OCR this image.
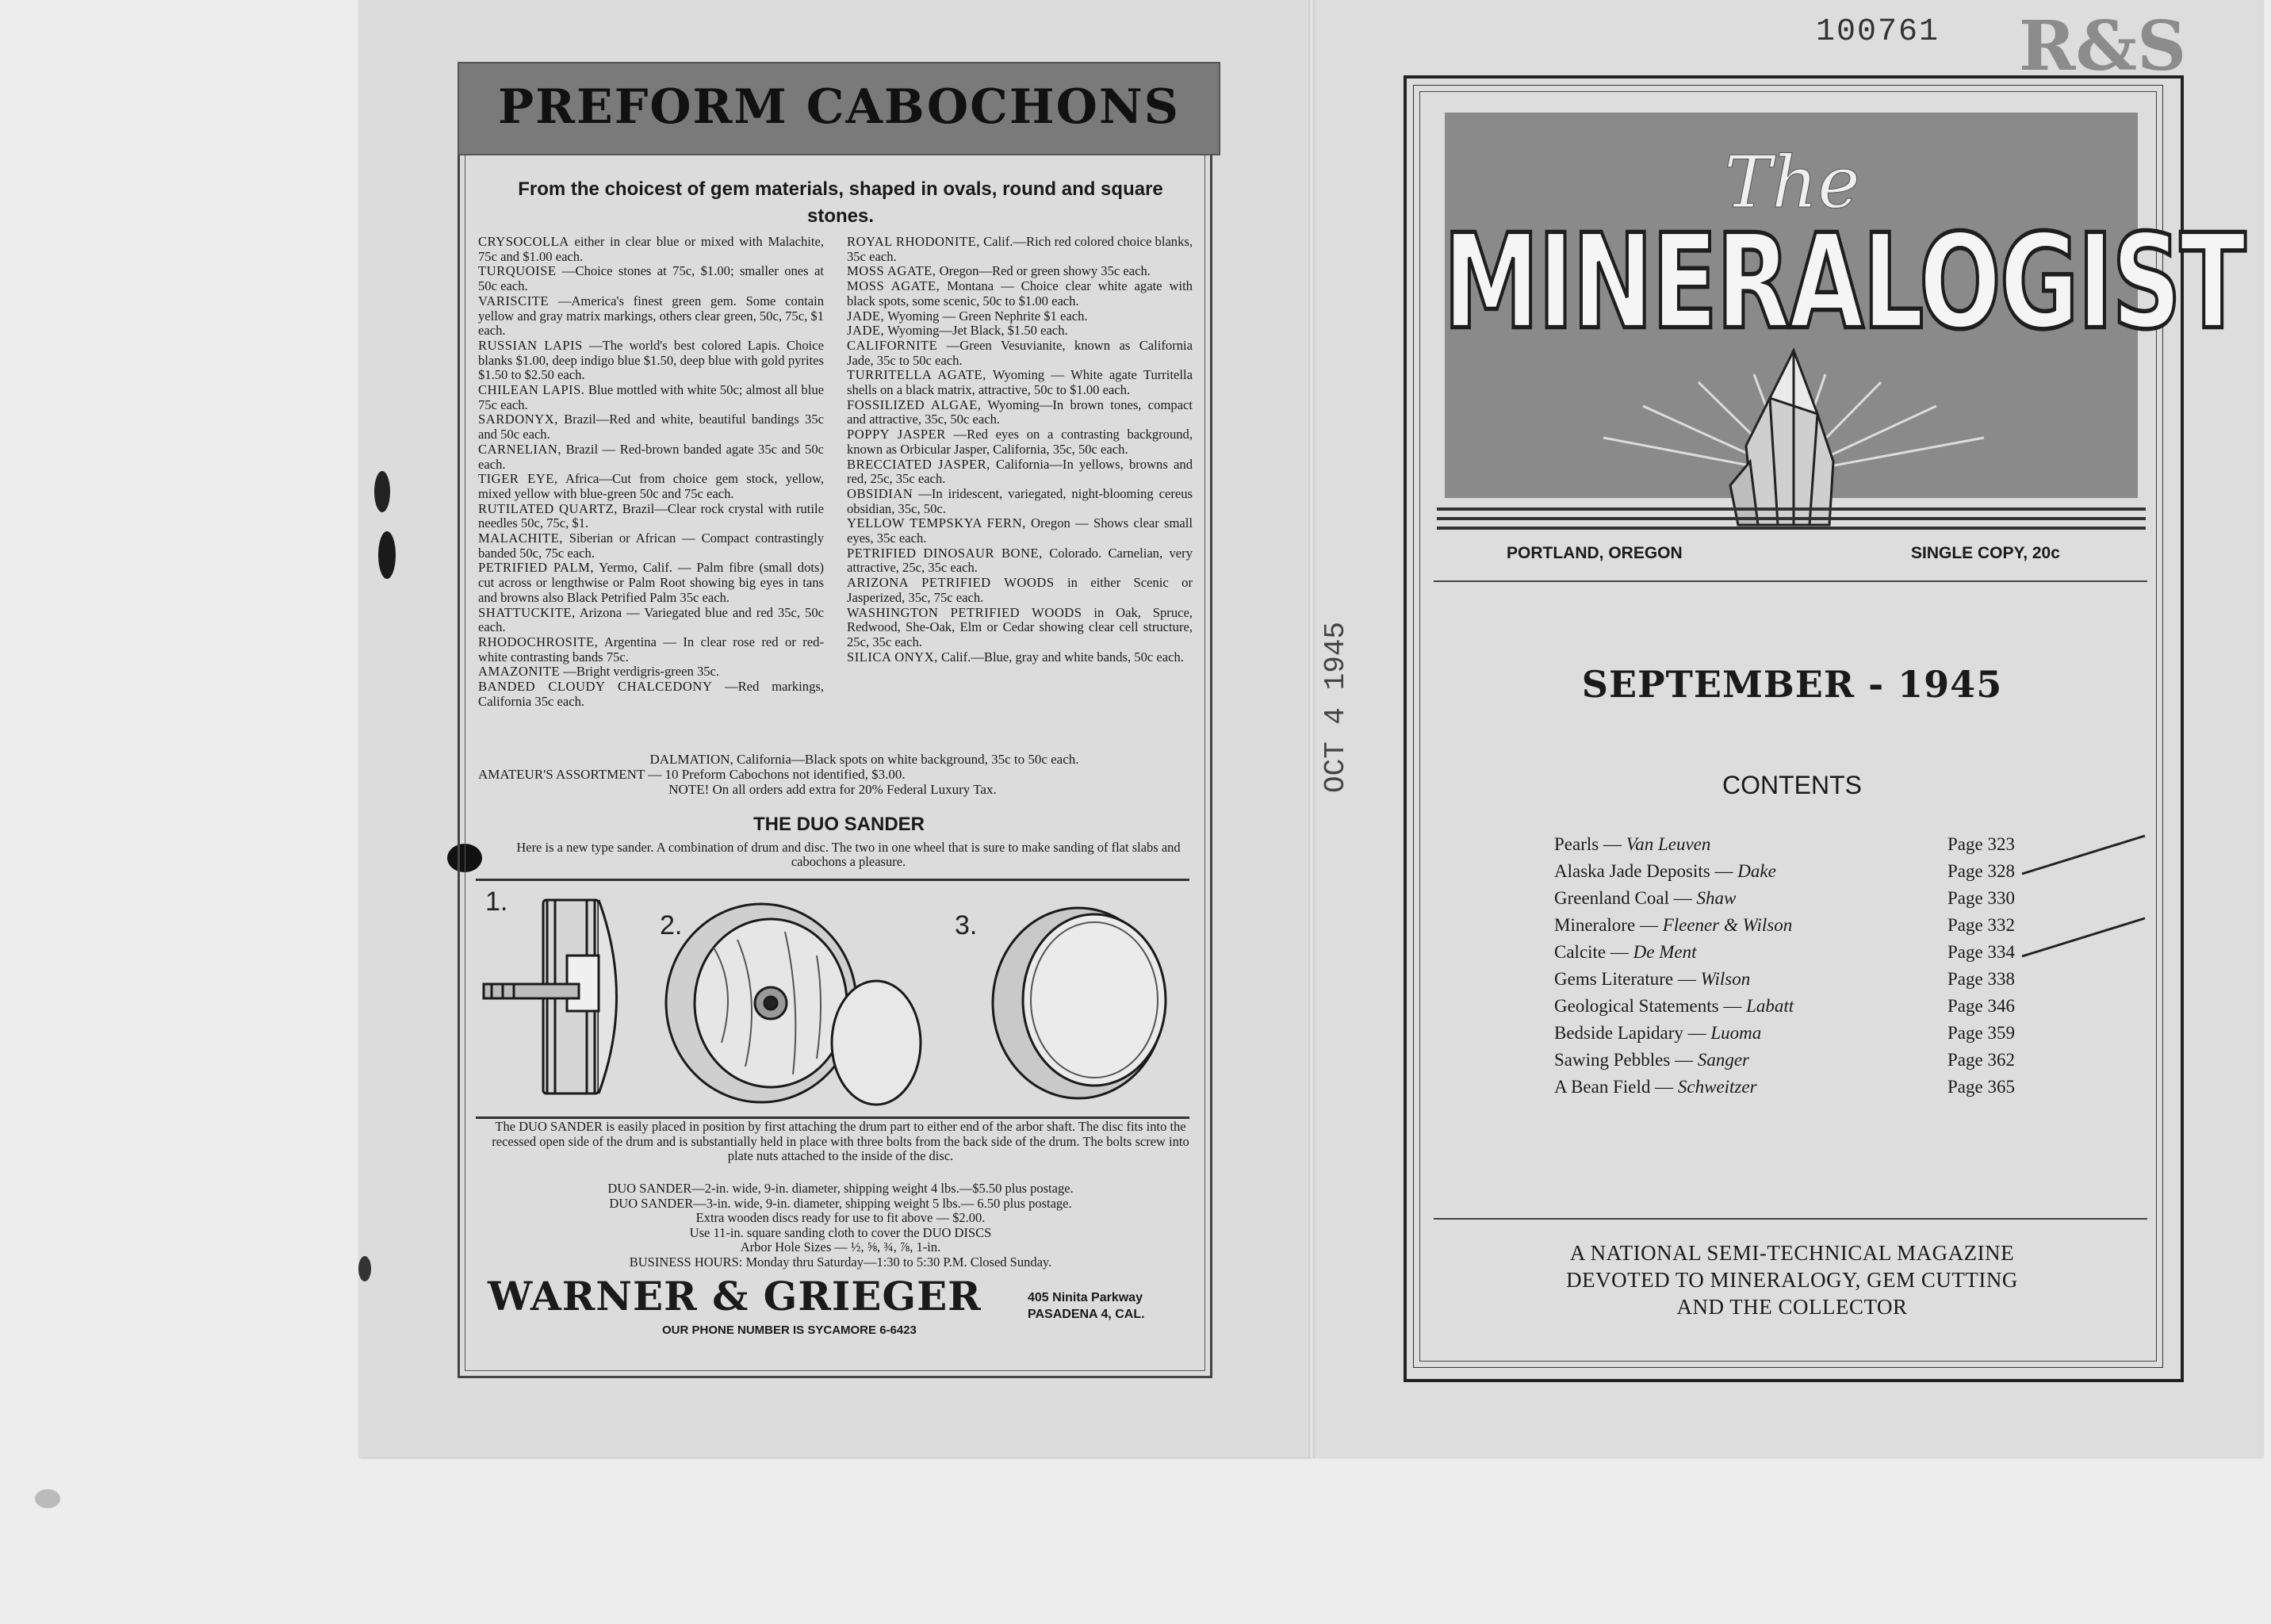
PREFORM CABOCHONS
From the choicest of gem materials, shaped in ovals, round and square stones.

CRYSOCOLLA either in clear blue or mixed with Malachite, 75c and $1.00 each.

TURQUOISE —Choice stones at 75c, $1.00; smaller ones at 50c each.

VARISCITE —America's finest green gem. Some contain yellow and gray matrix markings, others clear green, 50c, 75c, $1 each.

RUSSIAN LAPIS —The world's best colored Lapis. Choice blanks $1.00, deep indigo blue $1.50, deep blue with gold pyrites $1.50 to $2.50 each.

CHILEAN LAPIS. Blue mottled with white 50c; almost all blue 75c each.

SARDONYX, Brazil—Red and white, beautiful bandings 35c and 50c each.

CARNELIAN, Brazil — Red-brown banded agate 35c and 50c each.

TIGER EYE, Africa—Cut from choice gem stock, yellow, mixed yellow with blue-green 50c and 75c each.

RUTILATED QUARTZ, Brazil—Clear rock crystal with rutile needles 50c, 75c, $1.

MALACHITE, Siberian or African — Compact contrastingly banded 50c, 75c each.

PETRIFIED PALM, Yermo, Calif. — Palm fibre (small dots) cut across or lengthwise or Palm Root showing big eyes in tans and browns also Black Petrified Palm 35c each.

SHATTUCKITE, Arizona — Variegated blue and red 35c, 50c each.

RHODOCHROSITE, Argentina — In clear rose red or red-white contrasting bands 75c.

AMAZONITE —Bright verdigris-green 35c.

BANDED CLOUDY CHALCEDONY —Red markings, California 35c each.

ROYAL RHODONITE, Calif.—Rich red colored choice blanks, 35c each.

MOSS AGATE, Oregon—Red or green showy 35c each.

MOSS AGATE, Montana — Choice clear white agate with black spots, some scenic, 50c to $1.00 each.

JADE, Wyoming — Green Nephrite $1 each.

JADE, Wyoming—Jet Black, $1.50 each.

CALIFORNITE —Green Vesuvianite, known as California Jade, 35c to 50c each.

TURRITELLA AGATE, Wyoming — White agate Turritella shells on a black matrix, attractive, 50c to $1.00 each.

FOSSILIZED ALGAE, Wyoming—In brown tones, compact and attractive, 35c, 50c each.

POPPY JASPER —Red eyes on a contrasting background, known as Orbicular Jasper, California, 35c, 50c each.

BRECCIATED JASPER, California—In yellows, browns and red, 25c, 35c each.

OBSIDIAN —In iridescent, variegated, night-blooming cereus obsidian, 35c, 50c.

YELLOW TEMPSKYA FERN, Oregon — Shows clear small eyes, 35c each.

PETRIFIED DINOSAUR BONE, Colorado. Carnelian, very attractive, 25c, 35c each.

ARIZONA PETRIFIED WOODS in either Scenic or Jasperized, 35c, 75c each.

WASHINGTON PETRIFIED WOODS in Oak, Spruce, Redwood, She-Oak, Elm or Cedar showing clear cell structure, 25c, 35c each.

SILICA ONYX, Calif.—Blue, gray and white bands, 50c each.

DALMATION, California—Black spots on white background, 35c to 50c each.
AMATEUR'S ASSORTMENT — 10 Preform Cabochons not identified, $3.00.
NOTE! On all orders add extra for 20% Federal Luxury Tax.
THE DUO SANDER
Here is a new type sander. A combination of drum and disc. The two in one wheel that is sure to make sanding of flat slabs and cabochons a pleasure.
1.
2.	3.
The DUO SANDER is easily placed in position by first attaching the drum part to either end of the arbor shaft. The disc fits into the recessed open side of the drum and is substantially held in place with three bolts from the back side of the drum. The bolts screw into plate nuts attached to the inside of the disc.
DUO SANDER—2-in. wide, 9-in. diameter, shipping weight 4 lbs.—$5.50 plus postage.
DUO SANDER—3-in. wide, 9-in. diameter, shipping weight 5 lbs.— 6.50 plus postage.
Extra wooden discs ready for use to fit above — $2.00.
Use 11-in. square sanding cloth to cover the DUO DISCS
Arbor Hole Sizes — ½, ⅝, ¾, ⅞, 1-in.
BUSINESS HOURS: Monday thru Saturday—1:30 to 5:30 P.M. Closed Sunday.
WARNER & GRIEGER
OUR PHONE NUMBER IS SYCAMORE 6-6423
405 Ninita Parkway
PASADENA 4, CAL.
100761 R&S
OCT 4 1945
The
MINERALOGIST
PORTLAND, OREGON	SINGLE COPY, 20c
SEPTEMBER - 1945
CONTENTS
Pearls — Van Leuven	Page 323
Alaska Jade Deposits — Dake	Page 328
Greenland Coal — Shaw	Page 330
Mineralore — Fleener & Wilson	Page 332
Calcite — De Ment	Page 334
Gems Literature — Wilson	Page 338
Geological Statements — Labatt	Page 346
Bedside Lapidary — Luoma	Page 359
Sawing Pebbles — Sanger	Page 362
A Bean Field — Schweitzer	Page 365
A NATIONAL SEMI-TECHNICAL MAGAZINE
DEVOTED TO MINERALOGY, GEM CUTTING
AND THE COLLECTOR
